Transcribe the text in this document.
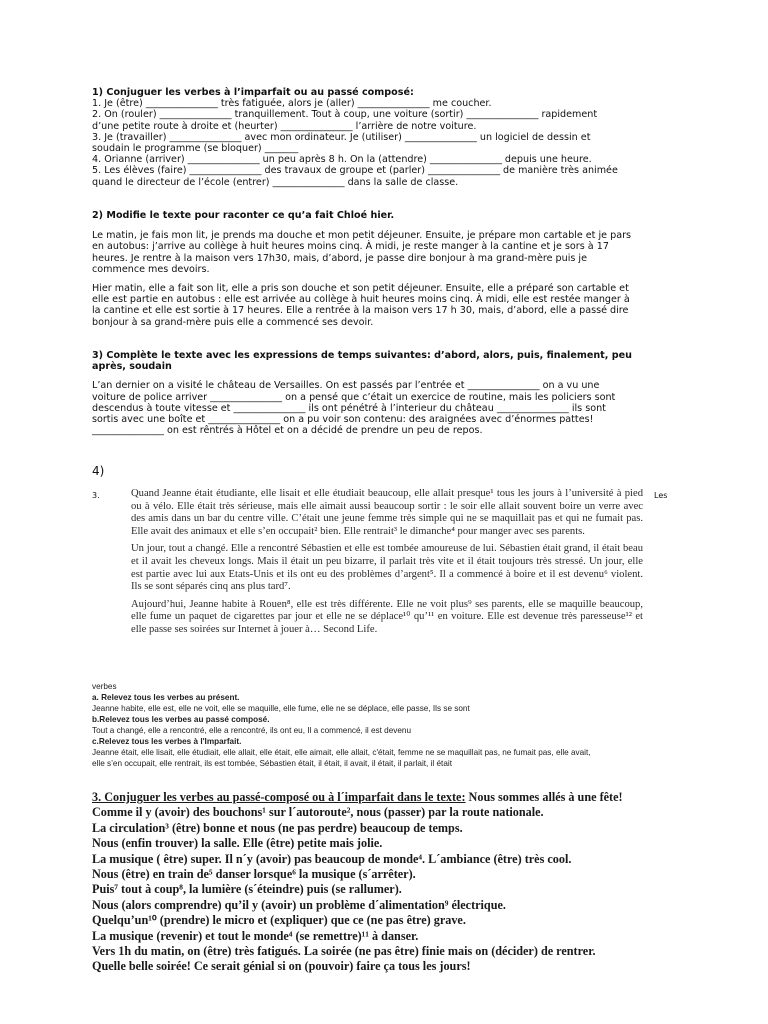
1) Conjuguer les verbes à l’imparfait ou au passé composé:
1. Je (être) _______________ très fatiguée, alors je (aller) _______________ me coucher.
2. On (rouler) _______________ tranquillement. Tout à coup, une voiture (sortir) _______________ rapidement
d’une petite route à droite et (heurter) _______________ l’arrière de notre voiture.
3. Je (travailler) _______________ avec mon ordinateur. Je (utiliser) _______________ un logiciel de dessin et
soudain le programme (se bloquer) _______
4. Orianne (arriver) _______________ un peu après 8 h. On la (attendre) _______________ depuis une heure.
5. Les élèves (faire) _______________ des travaux de groupe et (parler) _______________ de manière très animée
quand le directeur de l’école (entrer) _______________ dans la salle de classe.
2) Modifie le texte pour raconter ce qu’a fait Chloé hier.
Le matin, je fais mon lit, je prends ma douche et mon petit déjeuner. Ensuite, je prépare mon cartable et je pars
en autobus: j’arrive au collège à huit heures moins cinq. À midi, je reste manger à la cantine et je sors à 17
heures. Je rentre à la maison vers 17h30, mais, d’abord, je passe dire bonjour à ma grand-mère puis je
commence mes devoirs.
Hier matin, elle a fait son lit, elle a pris son douche et son petit déjeuner. Ensuite, elle a préparé son cartable et
elle est partie en autobus : elle est arrivée au collège à huit heures moins cinq. À midi, elle est restée manger à
la cantine et elle est sortie à 17 heures. Elle a rentrée à la maison vers 17 h 30, mais, d’abord, elle a passé dire
bonjour à sa grand-mère puis elle a commencé ses devoir.
3) Complète le texte avec les expressions de temps suivantes: d’abord, alors, puis, finalement, peu
après, soudain
L’an dernier on a visité le château de Versailles. On est passés par l’entrée et _______________ on a vu une
voiture de police arriver _______________ on a pensé que c’était un exercice de routine, mais les policiers sont
descendus à toute vitesse et _______________ ils ont pénétré à l’interieur du château _______________ ils sont
sortis avec une boîte et _______________ on a pu voir son contenu: des araignées avec d’énormes pattes!
_______________ on est rêntrés à Hôtel et on a décidé de prendre un peu de repos.
4)
3.	Les

Quand Jeanne était étudiante, elle lisait et elle étudiait beaucoup, elle allait presque¹ tous les jours à l’université à pied ou à vélo. Elle était très sérieuse, mais elle aimait aussi beaucoup sortir : le soir elle allait souvent boire un verre avec des amis dans un bar du centre ville. C’était une jeune femme très simple qui ne se maquillait pas et qui ne fumait pas. Elle avait des animaux et elle s’en occupait² bien. Elle rentrait³ le dimanche⁴ pour manger avec ses parents.

Un jour, tout a changé. Elle a rencontré Sébastien et elle est tombée amoureuse de lui. Sébastien était grand, il était beau et il avait les cheveux longs. Mais il était un peu bizarre, il parlait très vite et il était toujours très stressé. Un jour, elle est partie avec lui aux Etats-Unis et ils ont eu des problèmes d’argent⁵. Il a commencé à boire et il est devenu⁶ violent. Ils se sont séparés cinq ans plus tard⁷.

Aujourd’hui, Jeanne habite à Rouen⁸, elle est très différente. Elle ne voit plus⁹ ses parents, elle se maquille beaucoup, elle fume un paquet de cigarettes par jour et elle ne se déplace¹⁰ qu’¹¹ en voiture. Elle est devenue très paresseuse¹² et elle passe ses soirées sur Internet à jouer à… Second Life.

verbes
a. Relevez tous les verbes au présent.
Jeanne habite, elle est, elle ne voit, elle se maquille, elle fume, elle ne se déplace, elle passe, Ils se sont
b.Relevez tous les verbes au passé composé.
Tout a changé, elle a rencontré, elle a rencontré, ils ont eu, Il a commencé, il est devenu
c.Relevez tous les verbes à l'Imparfait.
Jeanne était, elle lisait, elle étudiait, elle allait, elle était, elle aimait, elle allait, c'était, femme ne se maquillait pas, ne fumait pas, elle avait,
elle s’en occupait, elle rentrait, ils est tombée, Sébastien était, il était, il avait, il était, il parlait, il était
3. Conjuguer les verbes au passé-composé ou à l´imparfait dans le texte: Nous sommes allés à une fête!
Comme il y (avoir) des bouchons¹ sur l´autoroute², nous (passer) par la route nationale.
La circulation³ (être) bonne et nous (ne pas perdre) beaucoup de temps.
Nous (enfin trouver) la salle. Elle (être) petite mais jolie.
La musique ( être) super. Il n´y (avoir) pas beaucoup de monde⁴. L´ambiance (être) très cool.
Nous (être) en train de⁵ danser lorsque⁶ la musique (s´arrêter).
Puis⁷ tout à coup⁸, la lumière (s´éteindre) puis (se rallumer).
Nous (alors comprendre) qu’il y (avoir) un problème d´alimentation⁹ électrique.
Quelqu’un¹⁰ (prendre) le micro et (expliquer) que ce (ne pas être) grave.
La musique (revenir) et tout le monde⁴ (se remettre)¹¹ à danser.
Vers 1h du matin, on (être) très fatigués. La soirée (ne pas être) finie mais on (décider) de rentrer.
Quelle belle soirée! Ce serait génial si on (pouvoir) faire ça tous les jours!
